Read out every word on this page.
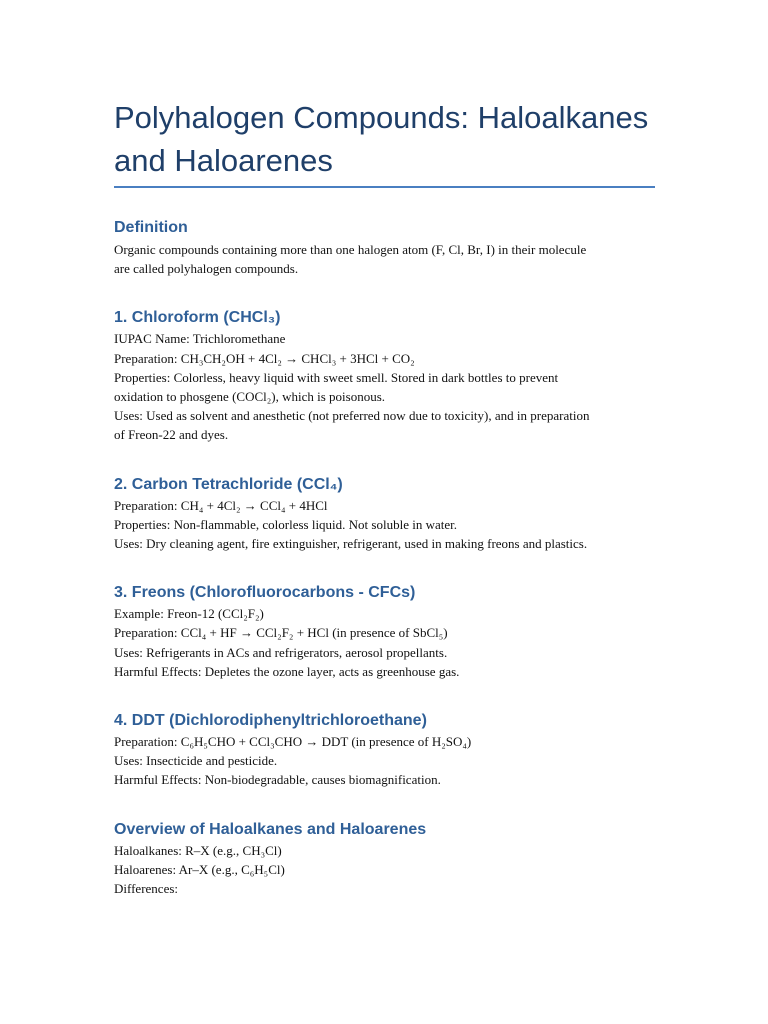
Polyhalogen Compounds: Haloalkanes

and Haloarenes

Definition

Organic compounds containing more than one halogen atom (F, Cl, Br, I) in their molecule

are called polyhalogen compounds.

1. Chloroform (CHCl₃)

IUPAC Name: Trichloromethane

Preparation: CH₃CH₂OH + 4Cl₂ → CHCl₃ + 3HCl + CO₂

Properties: Colorless, heavy liquid with sweet smell. Stored in dark bottles to prevent

oxidation to phosgene (COCl₂), which is poisonous.

Uses: Used as solvent and anesthetic (not preferred now due to toxicity), and in preparation

of Freon-22 and dyes.

2. Carbon Tetrachloride (CCl₄)

Preparation: CH₄ + 4Cl₂ → CCl₄ + 4HCl

Properties: Non-flammable, colorless liquid. Not soluble in water.

Uses: Dry cleaning agent, fire extinguisher, refrigerant, used in making freons and plastics.

3. Freons (Chlorofluorocarbons - CFCs)

Example: Freon-12 (CCl₂F₂)

Preparation: CCl₄ + HF → CCl₂F₂ + HCl (in presence of SbCl₅)

Uses: Refrigerants in ACs and refrigerators, aerosol propellants.

Harmful Effects: Depletes the ozone layer, acts as greenhouse gas.

4. DDT (Dichlorodiphenyltrichloroethane)

Preparation: C₆H₅CHO + CCl₃CHO → DDT (in presence of H₂SO₄)

Uses: Insecticide and pesticide.

Harmful Effects: Non-biodegradable, causes biomagnification.

Overview of Haloalkanes and Haloarenes

Haloalkanes: R–X (e.g., CH₃Cl)

Haloarenes: Ar–X (e.g., C₆H₅Cl)

Differences:
